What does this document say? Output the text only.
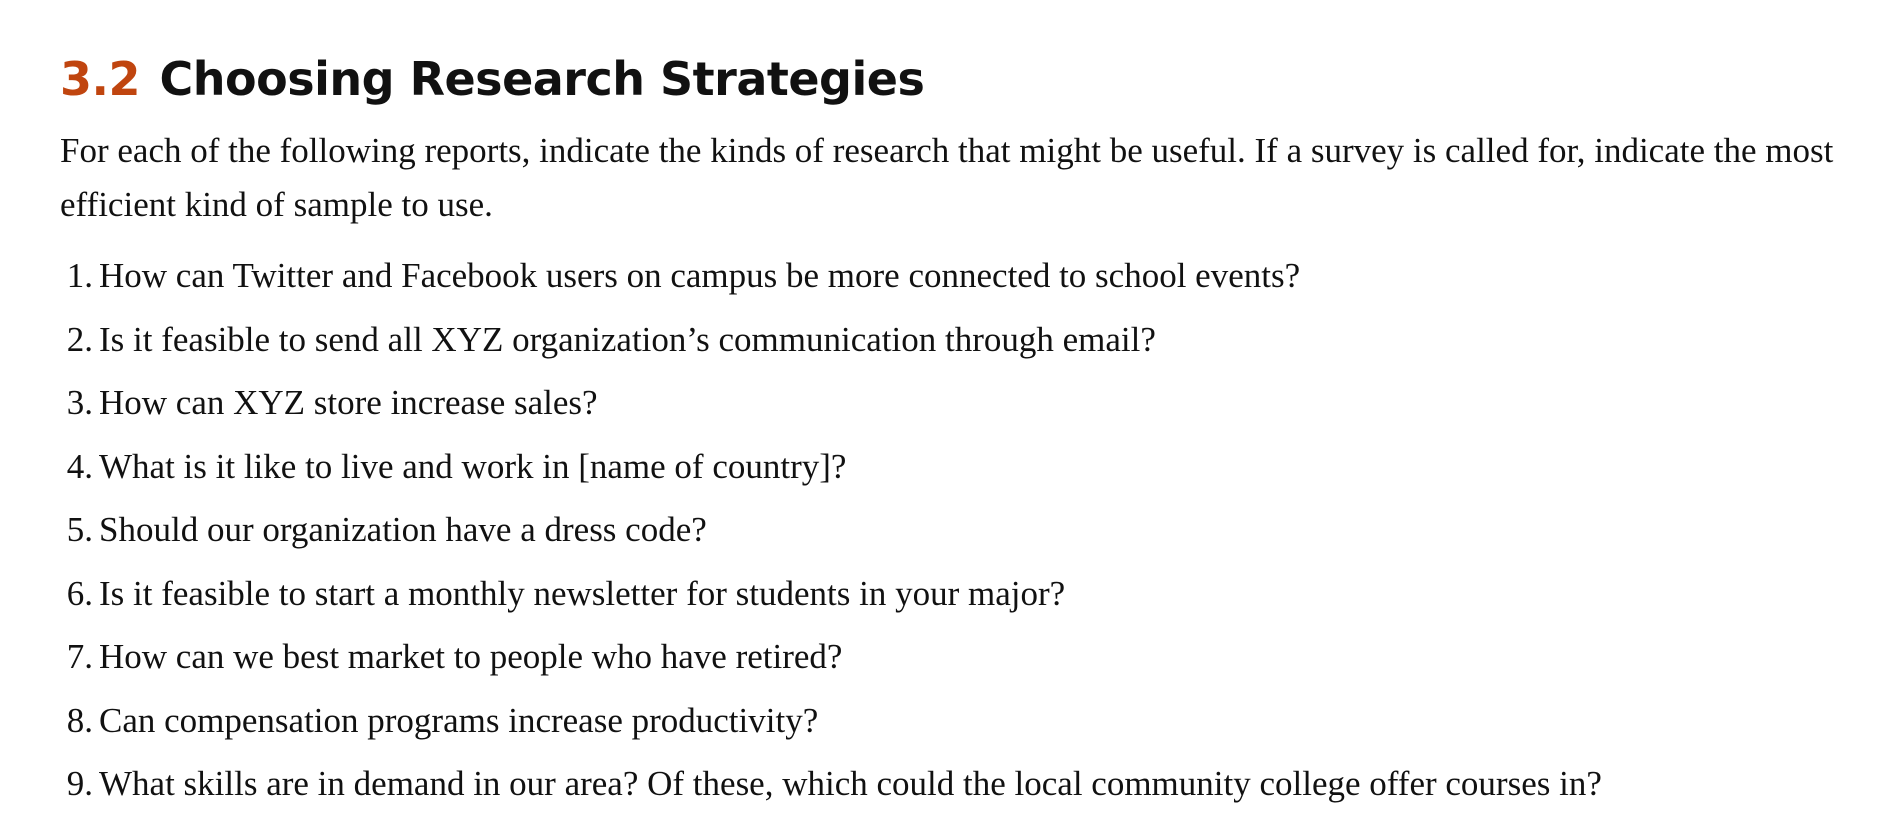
3.2 Choosing Research Strategies

For each of the following reports, indicate the kinds of research that might be useful. If a survey is called for, indicate the most efficient kind of sample to use.

1. How can Twitter and Facebook users on campus be more connected to school events?
2. Is it feasible to send all XYZ organization’s communication through email?
3. How can XYZ store increase sales?
4. What is it like to live and work in [name of country]?
5. Should our organization have a dress code?
6. Is it feasible to start a monthly newsletter for students in your major?
7. How can we best market to people who have retired?
8. Can compensation programs increase productivity?
9. What skills are in demand in our area? Of these, which could the local community college offer courses in?
